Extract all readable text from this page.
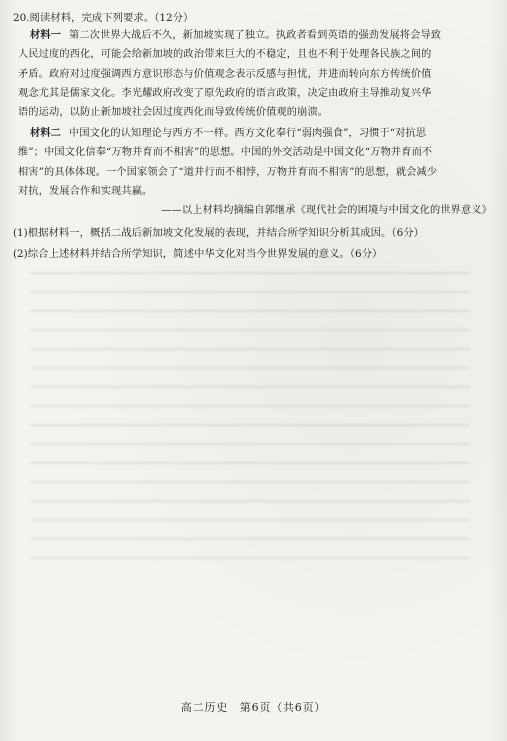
20.阅读材料，完成下列要求。（12分）
材料一 第二次世界大战后不久，新加坡实现了独立。执政者看到英语的强劲发展将会导致
人民过度的西化，可能会给新加坡的政治带来巨大的不稳定，且也不利于处理各民族之间的
矛盾。政府对过度强调西方意识形态与价值观念表示反感与担忧，并进而转向东方传统价值
观念尤其是儒家文化。李光耀政府改变了原先政府的语言政策，决定由政府主导推动复兴华
语的运动，以防止新加坡社会因过度西化而导致传统价值观的崩溃。
材料二 中国文化的认知理论与西方不一样。西方文化奉行“弱肉强食”，习惯于“对抗思
维”；中国文化信奉“万物并育而不相害”的思想。中国的外交活动是中国文化“万物并育而不
相害”的具体体现。一个国家领会了“道并行而不相悖，万物并育而不相害”的思想，就会减少
对抗，发展合作和实现共赢。
——以上材料均摘编自郭继承《现代社会的困境与中国文化的世界意义》
(1)根据材料一，概括二战后新加坡文化发展的表现，并结合所学知识分析其成因。（6分）
(2)综合上述材料并结合所学知识，简述中华文化对当今世界发展的意义。（6分）
高二历史　第6页（共6页）
